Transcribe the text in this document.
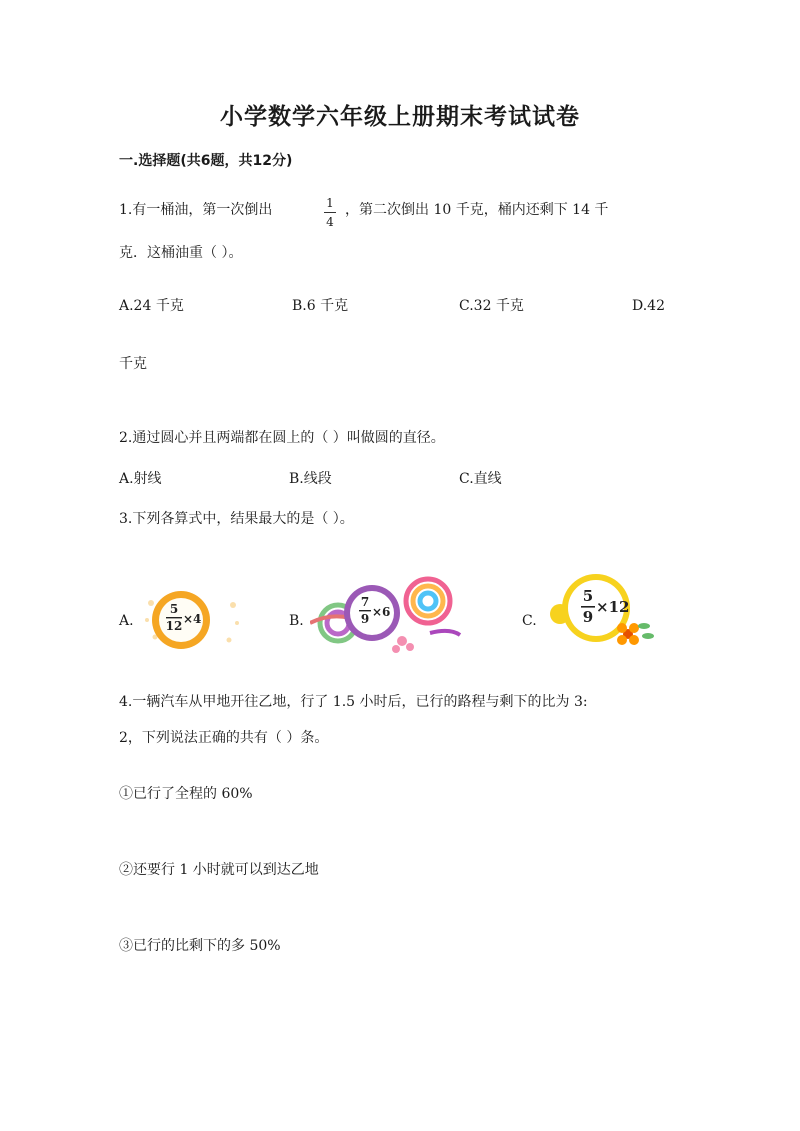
小学数学六年级上册期末考试试卷
一.选择题(共6题，共12分)
1.有一桶油，第一次倒出	1
4
，第二次倒出 10 千克，桶内还剩下 14 千
克．这桶油重（ ）。
A.24 千克	B.6 千克	C.32 千克	D.42
千克
2.通过圆心并且两端都在圆上的（ ）叫做圆的直径。
A.射线	B.线段	C.直线
3.下列各算式中，结果最大的是（ ）。
A.
5
12 ×4	B.
7
9 ×6
C.
5
9
×12
4.一辆汽车从甲地开往乙地，行了 1.5 小时后，已行的路程与剩下的比为 3:
2，下列说法正确的共有（ ）条。
①已行了全程的 60%
②还要行 1 小时就可以到达乙地
③已行的比剩下的多 50%
